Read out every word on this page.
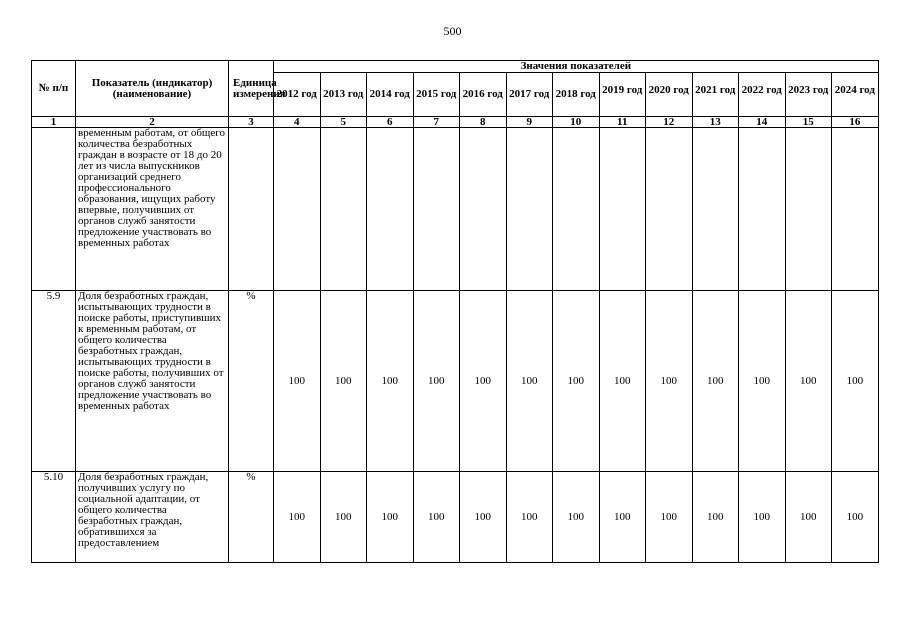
500
№ п/п	Показатель (индикатор) (наименование)	Единица измерения	Значения показателей												
			2012 год	2013 год	2014 год	2015 год	2016 год	2017 год	2018 год	2019 год	2020 год	2021 год	2022 год	2023 год	2024 год
1	2	3	4	5	6	7	8	9	10	11	12	13	14	15	16
	временным работам, от общего количества безработных граждан в возрасте от 18 до 20 лет из числа выпускников организаций среднего профессионального образования, ищущих работу впервые, получивших от органов служб занятости предложение участвовать во временных работах														
5.9	Доля безработных граждан, испытывающих трудности в поиске работы, приступивших к временным работам, от общего количества безработных граждан, испытывающих трудности в поиске работы, получивших от органов служб занятости предложение участвовать во временных работах	%	100	100	100	100	100	100	100	100	100	100	100	100	100
5.10	Доля безработных граждан, получивших услугу по социальной адаптации, от общего количества безработных граждан, обратившихся за предоставлением	%	100	100	100	100	100	100	100	100	100	100	100	100	100
